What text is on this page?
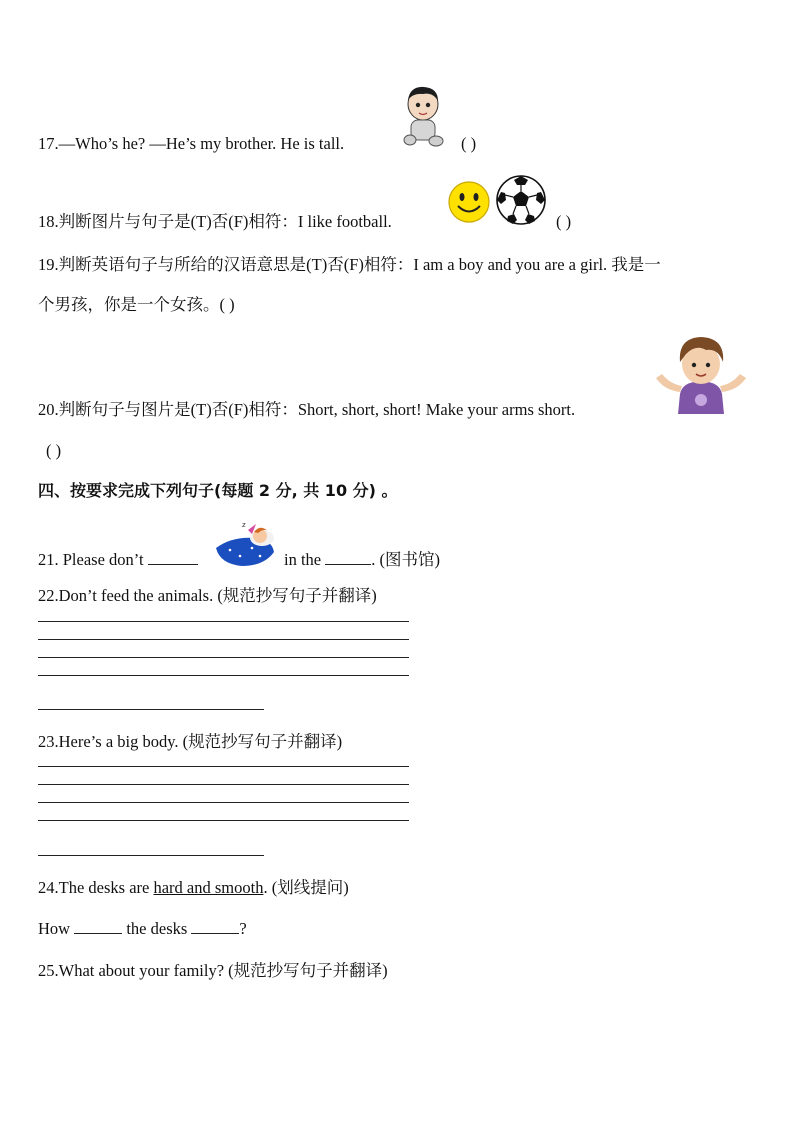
17.—Who’s he? —He’s my brother. He is tall.	( )
18.判断图片与句子是(T)否(F)相符：I like football.	( )
19.判断英语句子与所给的汉语意思是(T)否(F)相符：I am a boy and you are a girl. 我是一
个男孩，你是一个女孩。( )
20.判断句子与图片是(T)否(F)相符：Short, short, short! Make your arms short.
( )
四、按要求完成下列句子(每题 2 分, 共 10 分) 。
21. Please don’t
z
in the	. (图书馆)
22.Don’t feed the animals. (规范抄写句子并翻译)
23.Here’s a big body. (规范抄写句子并翻译)
24.The desks are hard and smooth. (划线提问)
How	the desks	?
25.What about your family? (规范抄写句子并翻译)
